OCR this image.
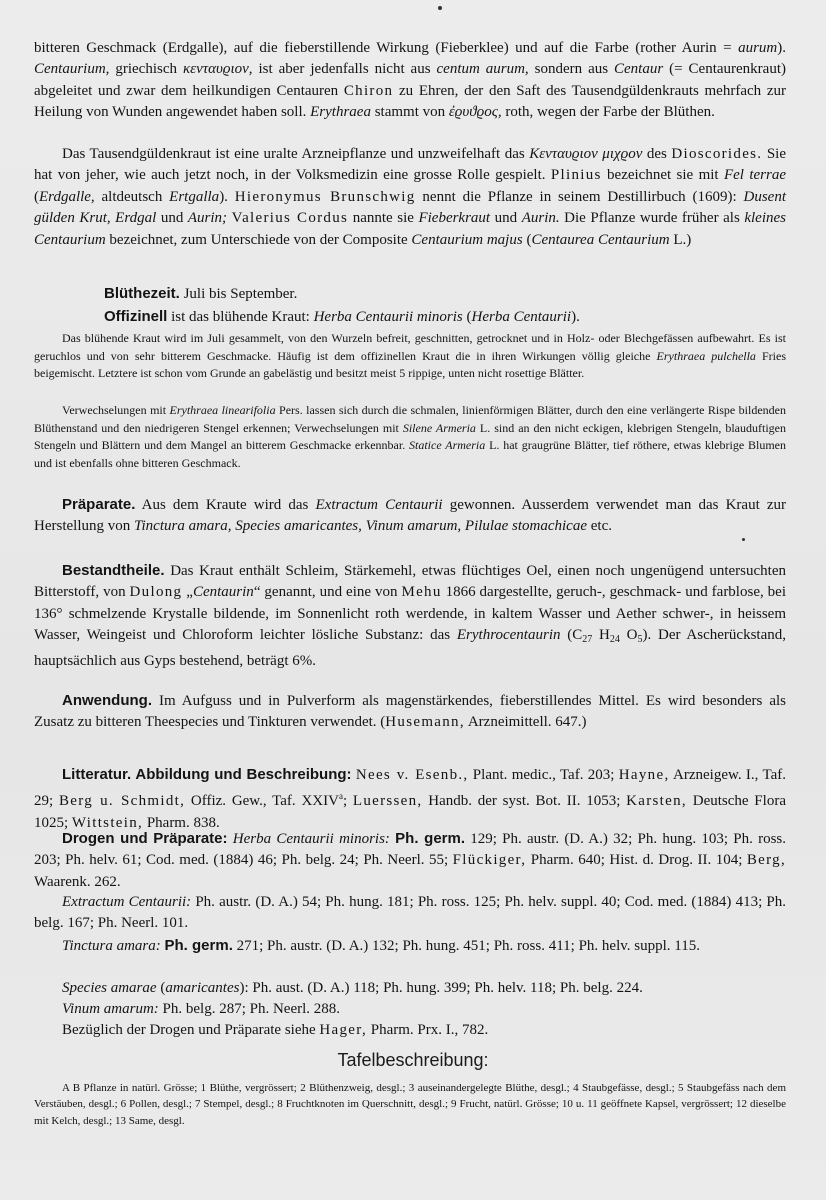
bitteren Geschmack (Erdgalle), auf die fieberstillende Wirkung (Fieberklee) und auf die Farbe (rother Aurin = aurum). Centaurium, griechisch κενταυϱιον, ist aber jedenfalls nicht aus centum aurum, sondern aus Centaur (= Centaurenkraut) abgeleitet und zwar dem heilkundigen Centauren Chiron zu Ehren, der den Saft des Tausendgüldenkrauts mehrfach zur Heilung von Wunden angewendet haben soll. Erythraea stammt von ἐϱυϑϱος, roth, wegen der Farbe der Blüthen.
Das Tausendgüldenkraut ist eine uralte Arzneipflanze und unzweifelhaft das Κενταυϱιον μιχϱον des Dioscorides. Sie hat von jeher, wie auch jetzt noch, in der Volksmedizin eine grosse Rolle gespielt. Plinius bezeichnet sie mit Fel terrae (Erdgalle, altdeutsch Ertgalla). Hieronymus Brunschwig nennt die Pflanze in seinem Destillirbuch (1609): Dusent gülden Krut, Erdgal und Aurin; Valerius Cordus nannte sie Fieberkraut und Aurin. Die Pflanze wurde früher als kleines Centaurium bezeichnet, zum Unterschiede von der Composite Centaurium majus (Centaurea Centaurium L.)
Blüthezeit. Juli bis September.
Offizinell ist das blühende Kraut: Herba Centaurii minoris (Herba Centaurii).
Das blühende Kraut wird im Juli gesammelt, von den Wurzeln befreit, geschnitten, getrocknet und in Holz- oder Blechgefässen aufbewahrt. Es ist geruchlos und von sehr bitterem Geschmacke. Häufig ist dem offizinellen Kraut die in ihren Wirkungen völlig gleiche Erythraea pulchella Fries beigemischt. Letztere ist schon vom Grunde an gabelästig und besitzt meist 5 rippige, unten nicht rosettige Blätter.
Verwechselungen mit Erythraea linearifolia Pers. lassen sich durch die schmalen, linienförmigen Blätter, durch den eine verlängerte Rispe bildenden Blüthenstand und den niedrigeren Stengel erkennen; Verwechselungen mit Silene Armeria L. sind an den nicht eckigen, klebrigen Stengeln, blauduftigen Stengeln und Blättern und dem Mangel an bitterem Geschmacke erkennbar. Statice Armeria L. hat graugrüne Blätter, tief röthere, etwas klebrige Blumen und ist ebenfalls ohne bitteren Geschmack.
Präparate. Aus dem Kraute wird das Extractum Centaurii gewonnen. Ausserdem verwendet man das Kraut zur Herstellung von Tinctura amara, Species amaricantes, Vinum amarum, Pilulae stomachicae etc.
Bestandtheile. Das Kraut enthält Schleim, Stärkemehl, etwas flüchtiges Oel, einen noch ungenügend untersuchten Bitterstoff, von Dulong „Centaurin“ genannt, und eine von Mehu 1866 dargestellte, geruch-, geschmack- und farblose, bei 136° schmelzende Krystalle bildende, im Sonnenlicht roth werdende, in kaltem Wasser und Aether schwer-, in heissem Wasser, Weingeist und Chloroform leichter lösliche Substanz: das Erythrocentaurin ($C_{27}$ $H_{24}$ $O_5$). Der Ascherückstand, hauptsächlich aus Gyps bestehend, beträgt 6%.
Anwendung. Im Aufguss und in Pulverform als magenstärkendes, fieberstillendes Mittel. Es wird besonders als Zusatz zu bitteren Theespecies und Tinkturen verwendet. (Husemann, Arzneimittell. 647.)
Litteratur. Abbildung und Beschreibung: Nees v. Esenb., Plant. medic., Taf. 203; Hayne, Arzneigew. I., Taf. 29; Berg u. Schmidt, Offiz. Gew., Taf. XXIV$^a$; Luerssen, Handb. der syst. Bot. II. 1053; Karsten, Deutsche Flora 1025; Wittstein, Pharm. 838.
Drogen und Präparate: Herba Centaurii minoris: Ph. germ. 129; Ph. austr. (D. A.) 32; Ph. hung. 103; Ph. ross. 203; Ph. helv. 61; Cod. med. (1884) 46; Ph. belg. 24; Ph. Neerl. 55; Flückiger, Pharm. 640; Hist. d. Drog. II. 104; Berg, Waarenk. 262.
Extractum Centaurii: Ph. austr. (D. A.) 54; Ph. hung. 181; Ph. ross. 125; Ph. helv. suppl. 40; Cod. med. (1884) 413; Ph. belg. 167; Ph. Neerl. 101.
Tinctura amara: Ph. germ. 271; Ph. austr. (D. A.) 132; Ph. hung. 451; Ph. ross. 411; Ph. helv. suppl. 115.
Species amarae (amaricantes): Ph. aust. (D. A.) 118; Ph. hung. 399; Ph. helv. 118; Ph. belg. 224.
Vinum amarum: Ph. belg. 287; Ph. Neerl. 288.
Bezüglich der Drogen und Präparate siehe Hager, Pharm. Prx. I., 782.
Tafelbeschreibung:
A B Pflanze in natürl. Grösse; 1 Blüthe, vergrössert; 2 Blüthenzweig, desgl.; 3 auseinandergelegte Blüthe, desgl.; 4 Staubgefässe, desgl.; 5 Staubgefäss nach dem Verstäuben, desgl.; 6 Pollen, desgl.; 7 Stempel, desgl.; 8 Fruchtknoten im Querschnitt, desgl.; 9 Frucht, natürl. Grösse; 10 u. 11 geöffnete Kapsel, vergrössert; 12 dieselbe mit Kelch, desgl.; 13 Same, desgl.
